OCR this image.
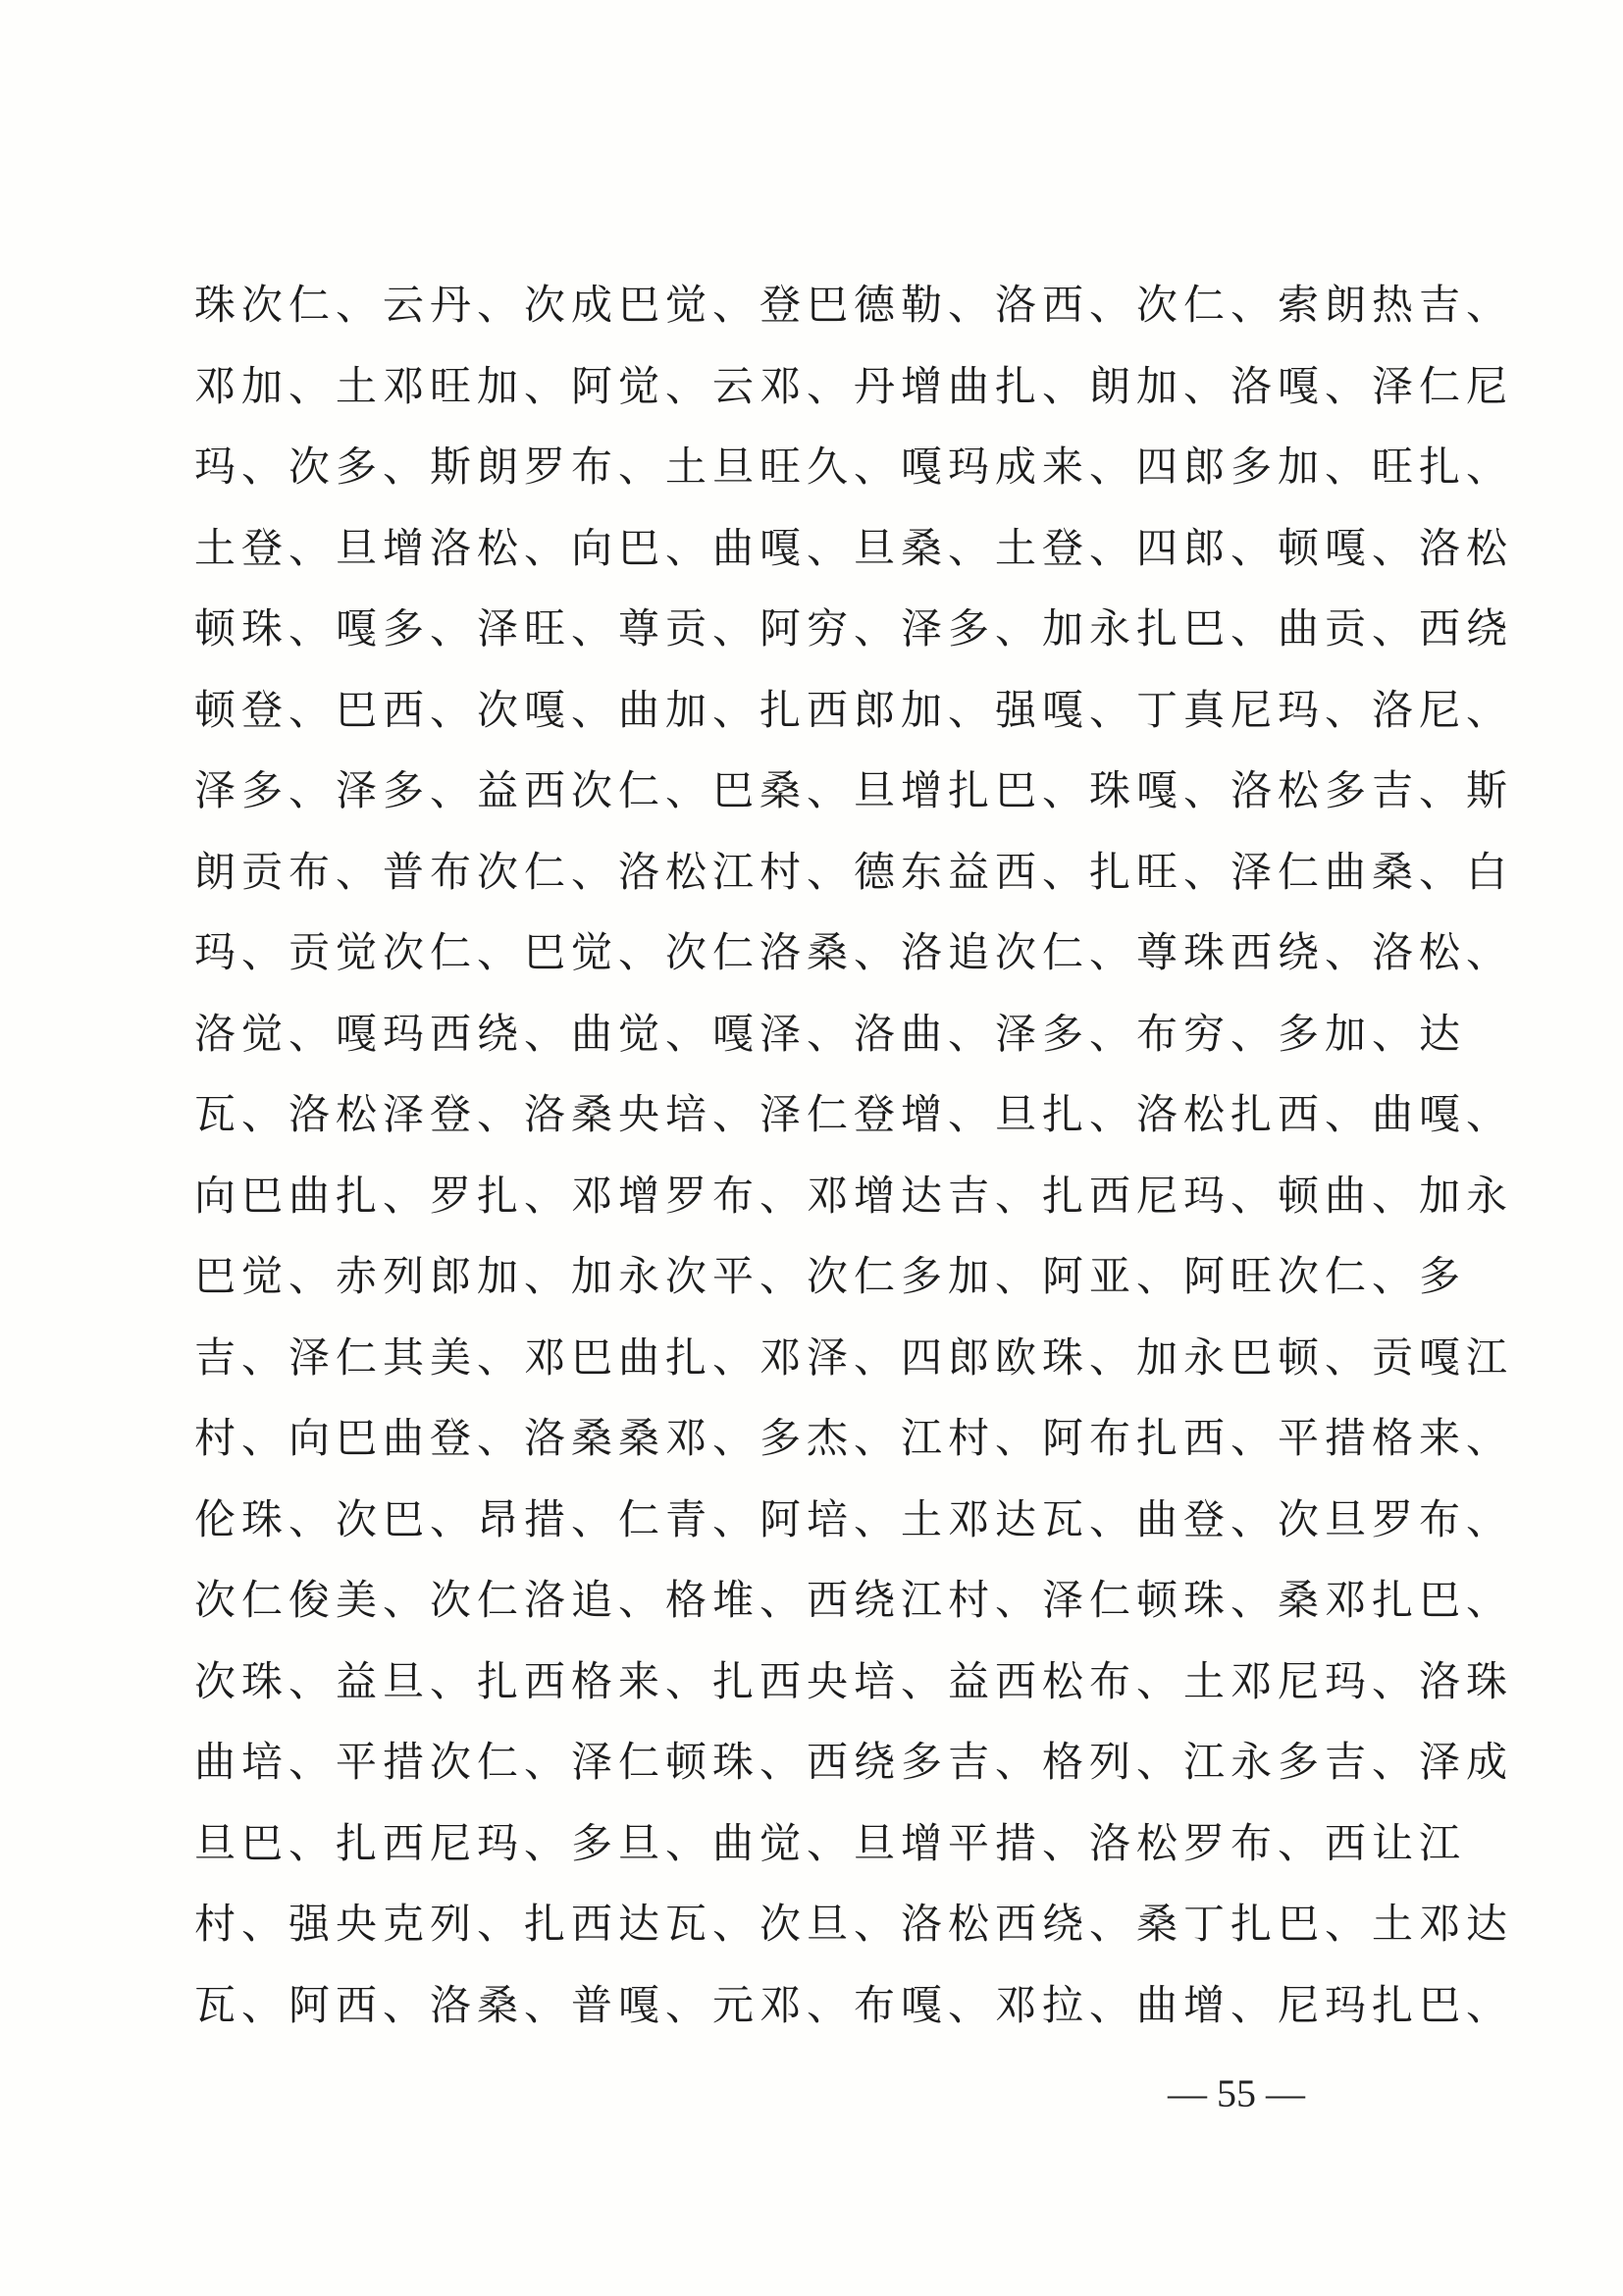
珠次仁、云丹、次成巴觉、登巴德勒、洛西、次仁、索朗热吉、
邓加、土邓旺加、阿觉、云邓、丹增曲扎、朗加、洛嘎、泽仁尼
玛、次多、斯朗罗布、土旦旺久、嘎玛成来、四郎多加、旺扎、
土登、旦增洛松、向巴、曲嘎、旦桑、土登、四郎、顿嘎、洛松
顿珠、嘎多、泽旺、尊贡、阿穷、泽多、加永扎巴、曲贡、西绕
顿登、巴西、次嘎、曲加、扎西郎加、强嘎、丁真尼玛、洛尼、
泽多、泽多、益西次仁、巴桑、旦增扎巴、珠嘎、洛松多吉、斯
朗贡布、普布次仁、洛松江村、德东益西、扎旺、泽仁曲桑、白
玛、贡觉次仁、巴觉、次仁洛桑、洛追次仁、尊珠西绕、洛松、
洛觉、嘎玛西绕、曲觉、嘎泽、洛曲、泽多、布穷、多加、达
瓦、洛松泽登、洛桑央培、泽仁登增、旦扎、洛松扎西、曲嘎、
向巴曲扎、罗扎、邓增罗布、邓增达吉、扎西尼玛、顿曲、加永
巴觉、赤列郎加、加永次平、次仁多加、阿亚、阿旺次仁、多
吉、泽仁其美、邓巴曲扎、邓泽、四郎欧珠、加永巴顿、贡嘎江
村、向巴曲登、洛桑桑邓、多杰、江村、阿布扎西、平措格来、
伦珠、次巴、昂措、仁青、阿培、土邓达瓦、曲登、次旦罗布、
次仁俊美、次仁洛追、格堆、西绕江村、泽仁顿珠、桑邓扎巴、
次珠、益旦、扎西格来、扎西央培、益西松布、土邓尼玛、洛珠
曲培、平措次仁、泽仁顿珠、西绕多吉、格列、江永多吉、泽成
旦巴、扎西尼玛、多旦、曲觉、旦增平措、洛松罗布、西让江
村、强央克列、扎西达瓦、次旦、洛松西绕、桑丁扎巴、土邓达
瓦、阿西、洛桑、普嘎、元邓、布嘎、邓拉、曲增、尼玛扎巴、
— 55 —
